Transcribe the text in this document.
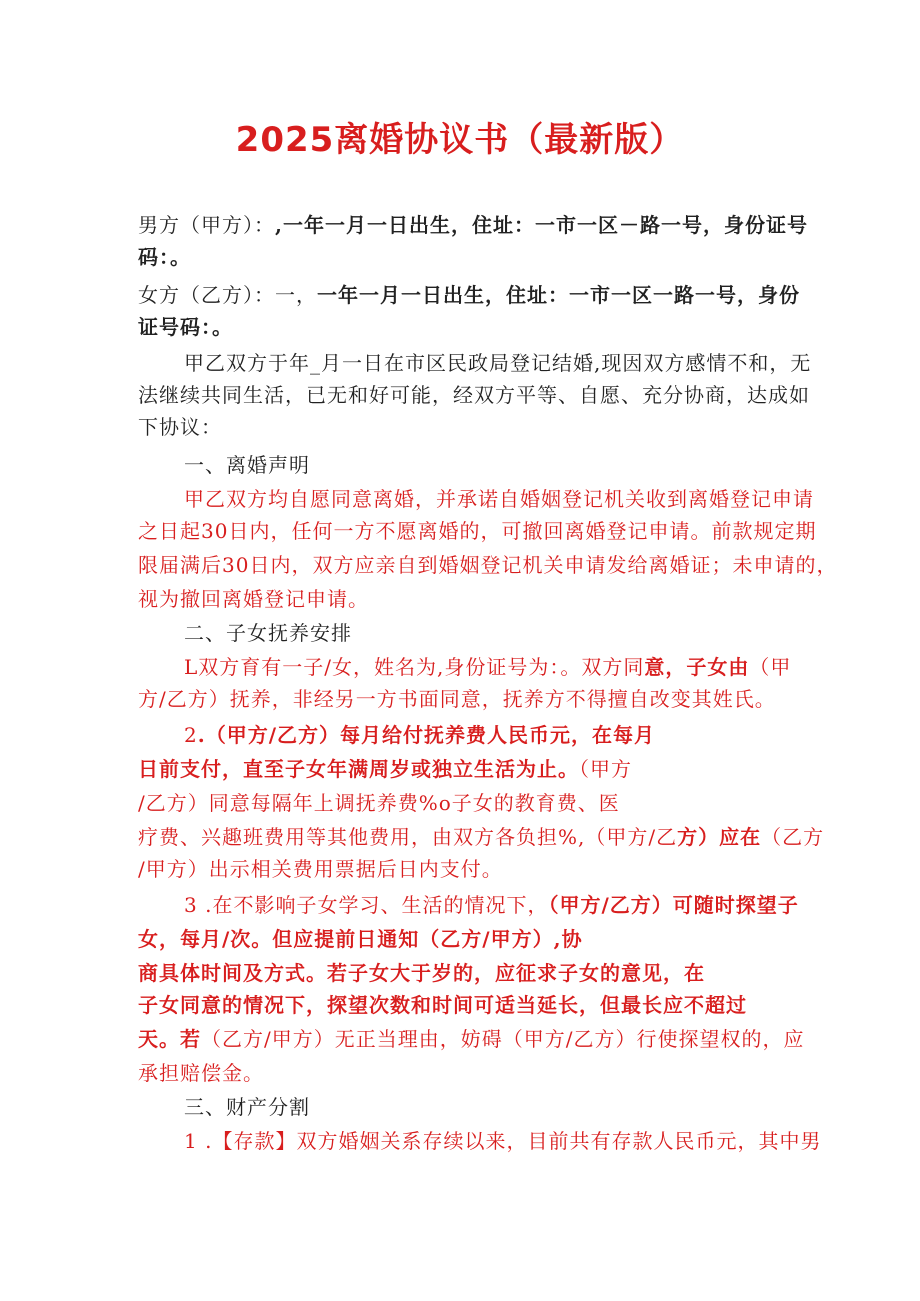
2025离婚协议书（最新版）
男方（甲方）：,一年一月一日出生，住址：一市一区－路一号，身份证号
码：。
女方（乙方）：一，一年一月一日出生，住址：一市一区一路一号，身份
证号码：。
甲乙双方于年_月一日在市区民政局登记结婚,现因双方感情不和，无
法继续共同生活，已无和好可能，经双方平等、自愿、充分协商，达成如
下协议：
一、离婚声明
甲乙双方均自愿同意离婚，并承诺自婚姻登记机关收到离婚登记申请
之日起30日内，任何一方不愿离婚的，可撤回离婚登记申请。前款规定期
限届满后30日内，双方应亲自到婚姻登记机关申请发给离婚证；未申请的，
视为撤回离婚登记申请。
二、子女抚养安排
L双方育有一子/女，姓名为,身份证号为：。双方同意，子女由（甲
方/乙方）抚养，非经另一方书面同意，抚养方不得擅自改变其姓氏。
2.（甲方/乙方）每月给付抚养费人民币元，在每月
日前支付，直至子女年满周岁或独立生活为止。（甲方
/乙方）同意每隔年上调抚养费%o子女的教育费、医
疗费、兴趣班费用等其他费用，由双方各负担%,（甲方/乙方）应在（乙方
/甲方）出示相关费用票据后日内支付。
3 .在不影响子女学习、生活的情况下，（甲方/乙方）可随时探望子
女，每月/次。但应提前日通知（乙方/甲方）,协
商具体时间及方式。若子女大于岁的，应征求子女的意见，在
子女同意的情况下，探望次数和时间可适当延长，但最长应不超过
天。若（乙方/甲方）无正当理由，妨碍（甲方/乙方）行使探望权的，应
承担赔偿金。
三、财产分割
1 .【存款】双方婚姻关系存续以来，目前共有存款人民币元，其中男
